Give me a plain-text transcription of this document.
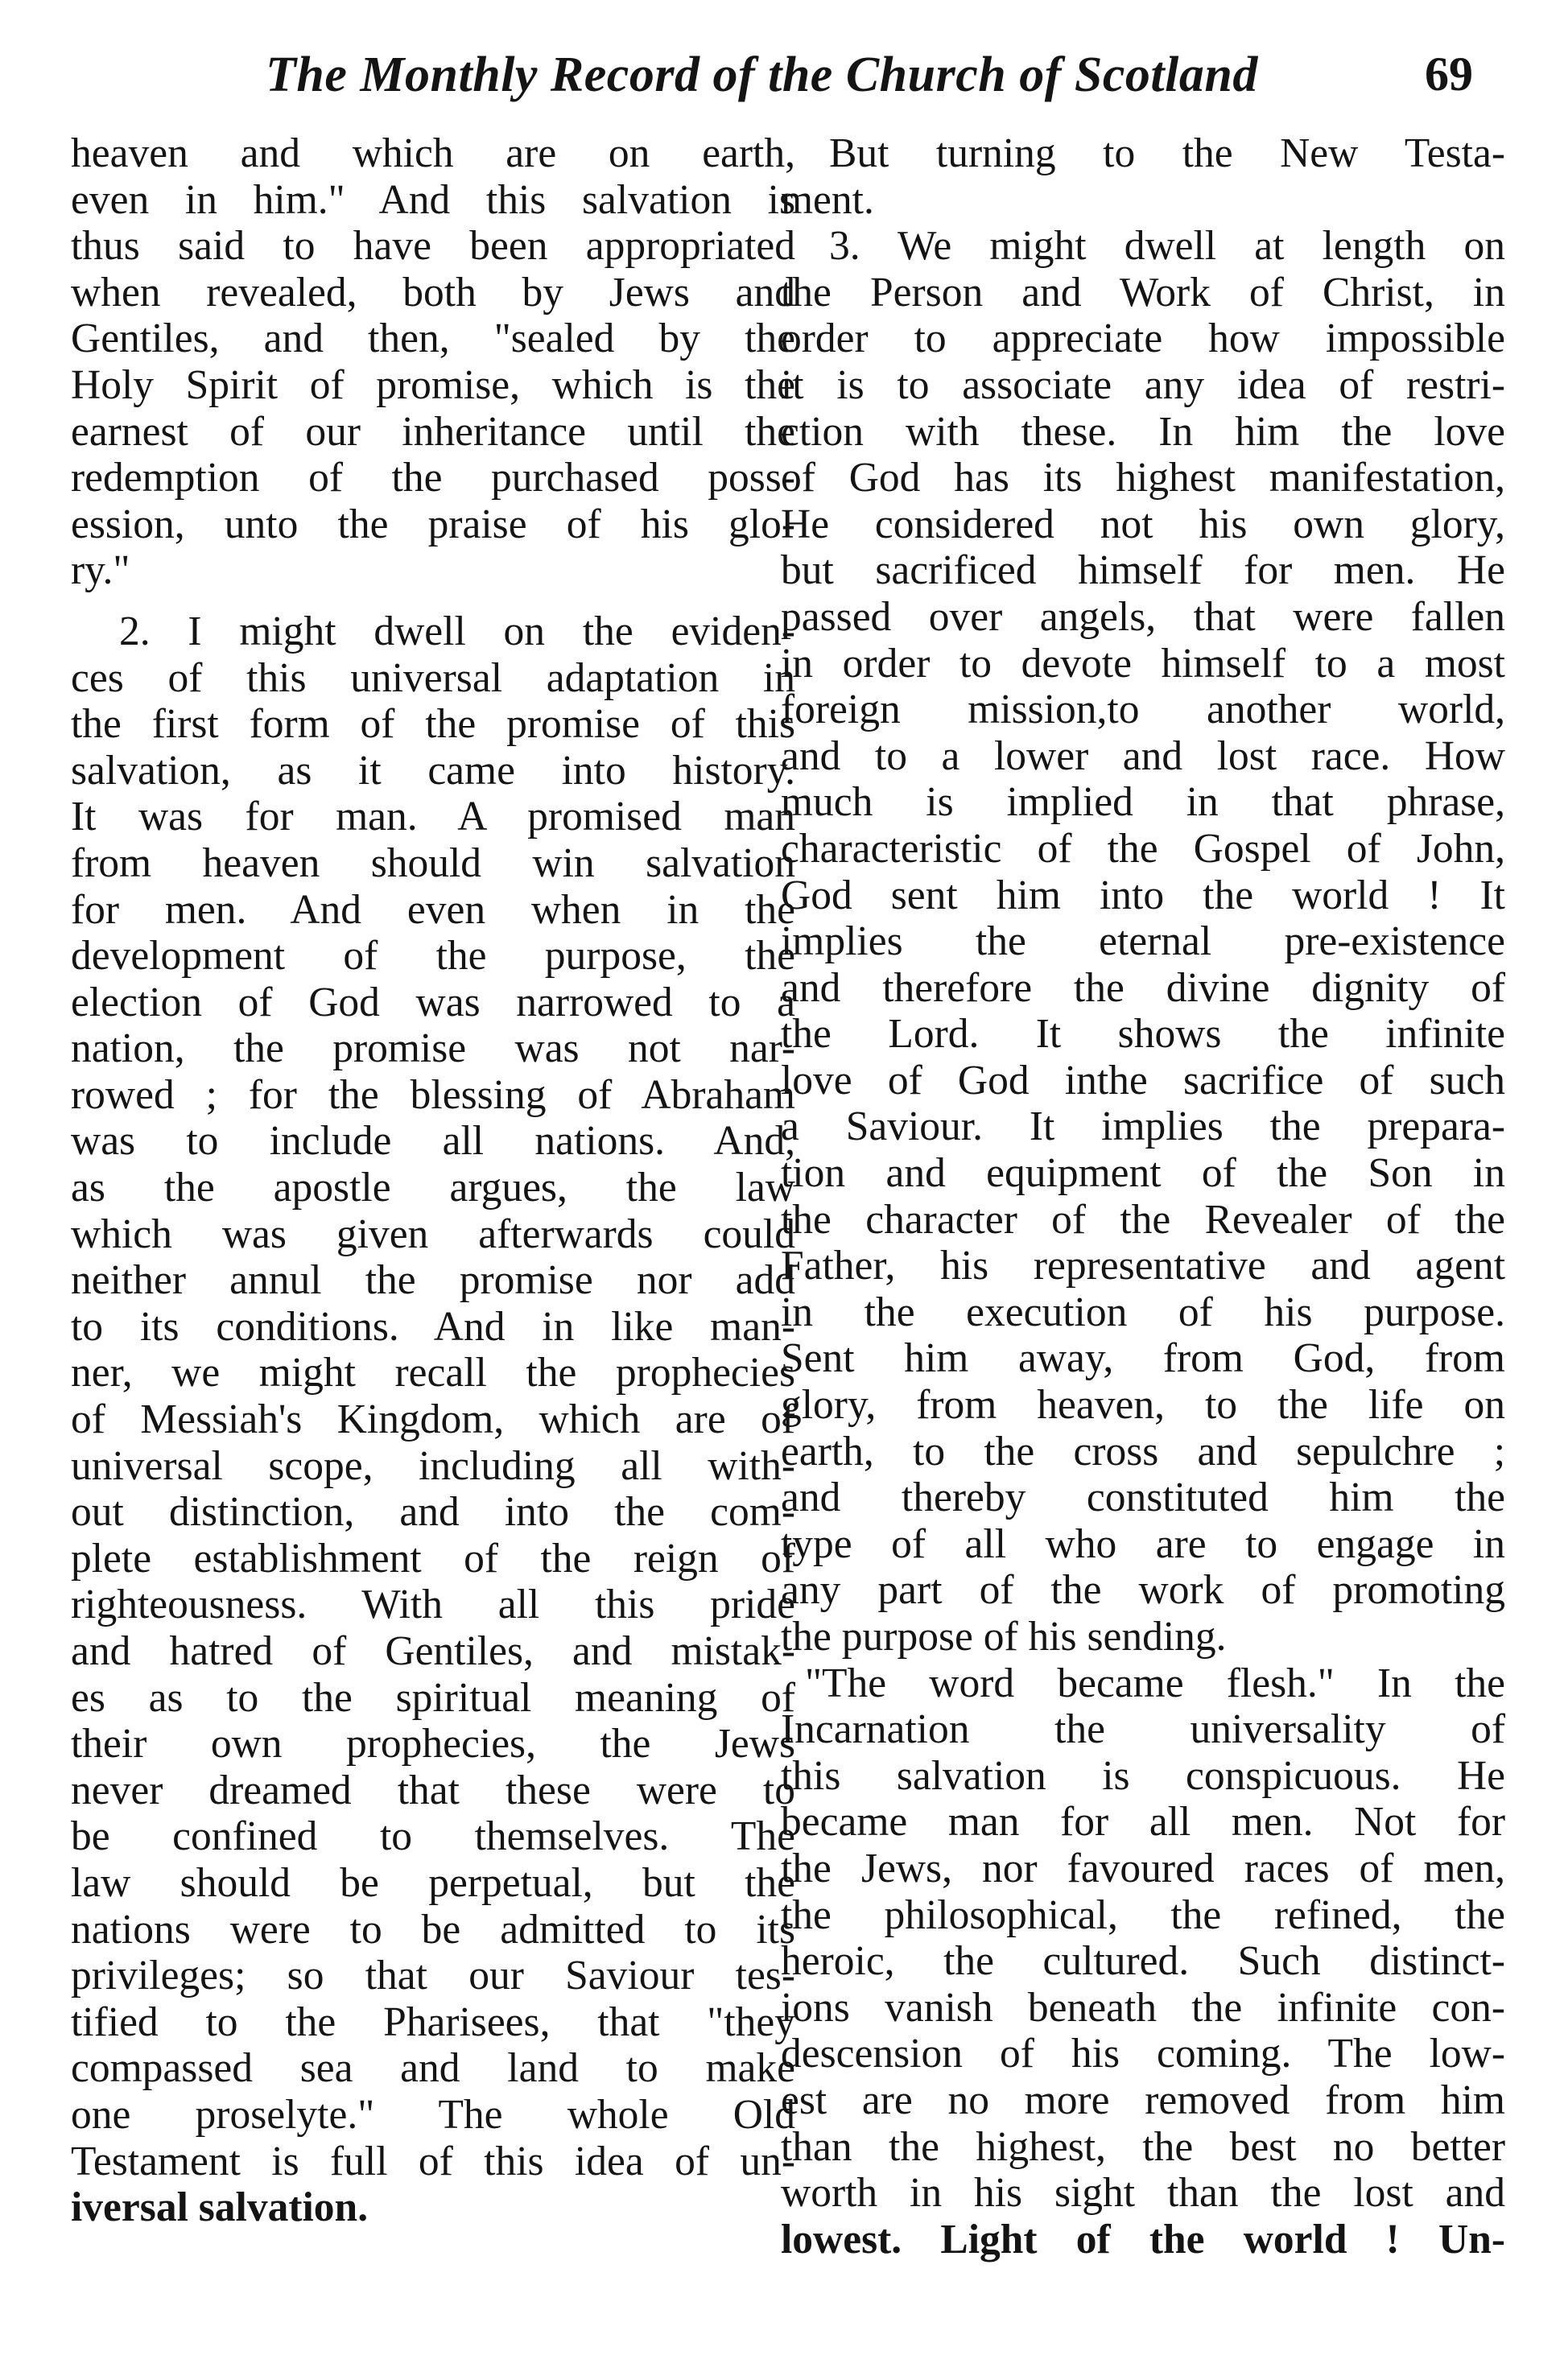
The Monthly Record of the Church of Scotland	69
heaven and which are on earth,
even in him." And this salvation is
thus said to have been appropriated
when revealed, both by Jews and
Gentiles, and then, "sealed by the
Holy Spirit of promise, which is the
earnest of our inheritance until the
redemption of the purchased poss-
ession, unto the praise of his glo-
ry."
2. I might dwell on the eviden-
ces of this universal adaptation in
the first form of the promise of this
salvation, as it came into history.
It was for man. A promised man
from heaven should win salvation
for men. And even when in the
development of the purpose, the
election of God was narrowed to a
nation, the promise was not nar-
rowed ; for the blessing of Abraham
was to include all nations. And,
as the apostle argues, the law
which was given afterwards could
neither annul the promise nor add
to its conditions. And in like man-
ner, we might recall the prophecies
of Messiah's Kingdom, which are of
universal scope, including all with-
out distinction, and into the com-
plete establishment of the reign of
righteousness. With all this pride
and hatred of Gentiles, and mistak-
es as to the spiritual meaning of
their own prophecies, the Jews
never dreamed that these were to
be confined to themselves. The
law should be perpetual, but the
nations were to be admitted to its
privileges; so that our Saviour tes-
tified to the Pharisees, that "they
compassed sea and land to make
one proselyte." The whole Old
Testament is full of this idea of un-
iversal salvation.
But turning to the New Testa-
ment.
3. We might dwell at length on
the Person and Work of Christ, in
order to appreciate how impossible
it is to associate any idea of restri-
ction with these. In him the love
of God has its highest manifestation,
He considered not his own glory,
but sacrificed himself for men. He
passed over angels, that were fallen
in order to devote himself to a most
foreign mission,to another world,
and to a lower and lost race. How
much is implied in that phrase,
characteristic of the Gospel of John,
God sent him into the world ! It
implies the eternal pre-existence
and therefore the divine dignity of
the Lord. It shows the infinite
love of God inthe sacrifice of such
a Saviour. It implies the prepara-
tion and equipment of the Son in
the character of the Revealer of the
Father, his representative and agent
in the execution of his purpose.
Sent him away, from God, from
glory, from heaven, to the life on
earth, to the cross and sepulchre ;
and thereby constituted him the
type of all who are to engage in
any part of the work of promoting
the purpose of his sending.
"The word became flesh." In the
Incarnation the universality of
this salvation is conspicuous. He
became man for all men. Not for
the Jews, nor favoured races of men,
the philosophical, the refined, the
heroic, the cultured. Such distinct-
ions vanish beneath the infinite con-
descension of his coming. The low-
est are no more removed from him
than the highest, the best no better
worth in his sight than the lost and
lowest. Light of the world ! Un-
